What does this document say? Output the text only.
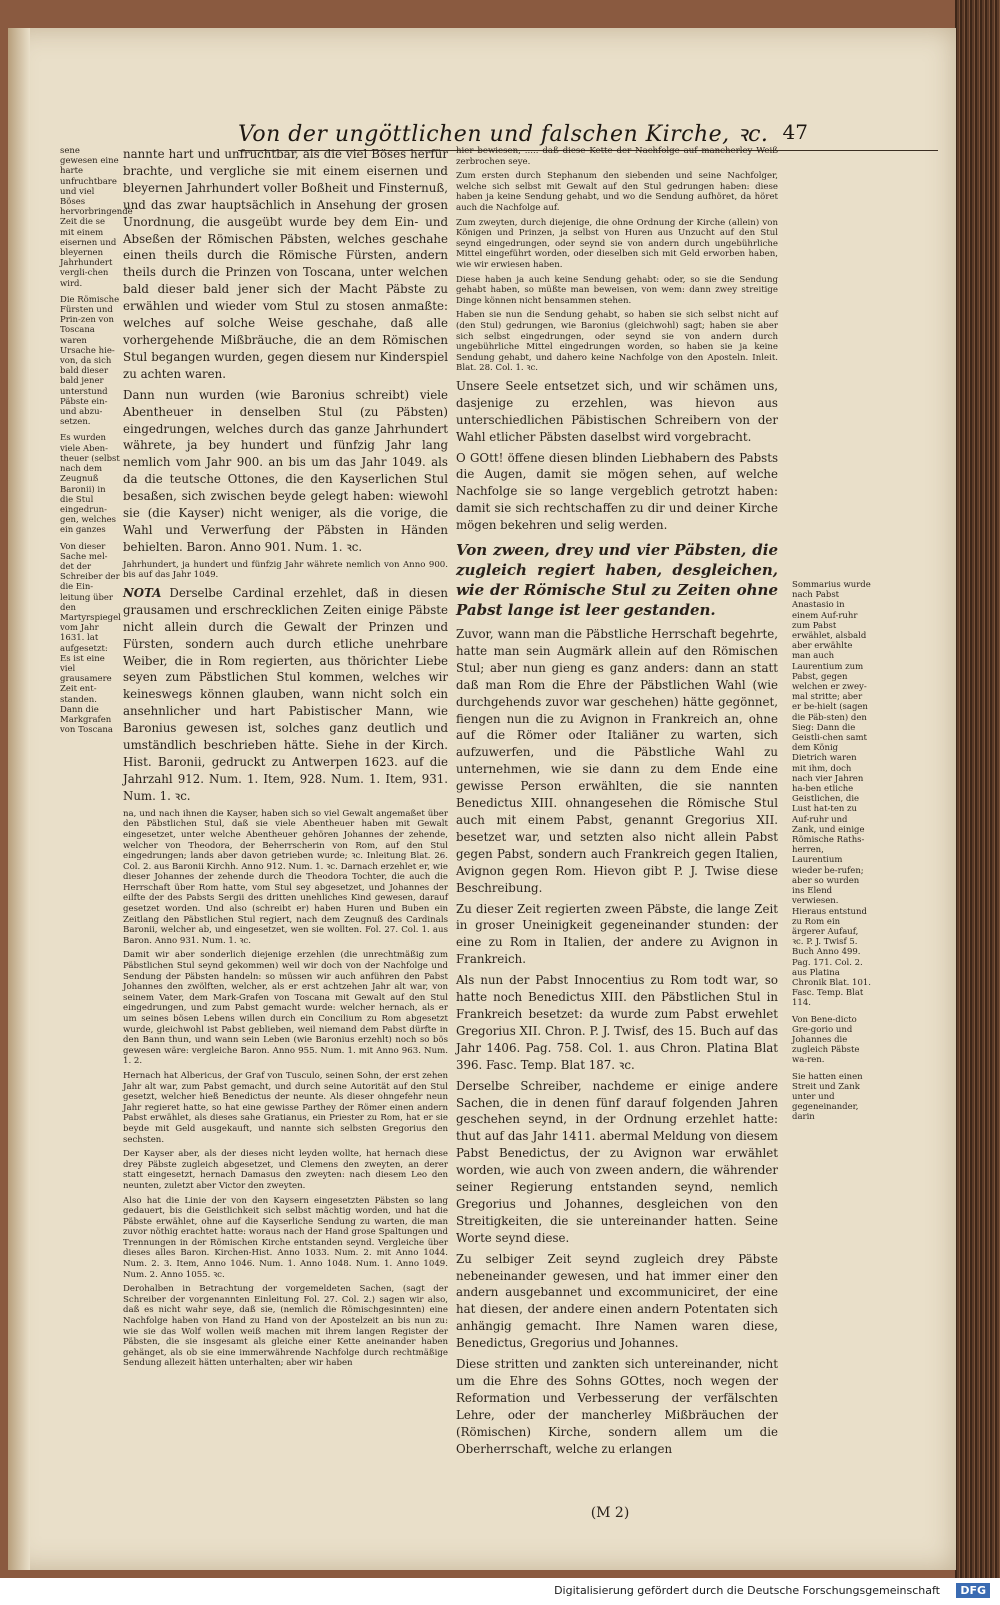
Von der ungöttlichen und falschen Kirche, ꝛc. 47

sene gewesen eine harte unfruchtbare und viel Böses hervorbringende Zeit die se mit einem eisernen und bleyernen Jahrhundert vergli-chen wird.

Die Römische Fürsten und Prin-zen von Toscana waren Ursache hie-von, da sich bald dieser bald jener unterstund Päbste ein-und abzu-setzen.

Es wurden viele Aben-theuer (selbst nach dem Zeugnuß Baronii) in die Stul eingedrun-gen, welches ein ganzes

Von dieser Sache mel-det der Schreiber der die Ein-leitung über den Martyrspiegel vom Jahr 1631. lat aufgesetzt: Es ist eine viel grausamere Zeit ent-standen. Dann die Markgrafen von Toscana

nannte hart und unfruchtbar, als die viel Böses herfür brachte, und vergliche sie mit einem eisernen und bleyernen Jahrhundert voller Boßheit und Finsternuß, und das zwar hauptsächlich in Ansehung der grosen Unordnung, die ausgeübt wurde bey dem Ein- und Abseßen der Römischen Päbsten, welches geschahe einen theils durch die Römische Fürsten, andern theils durch die Prinzen von Toscana, unter welchen bald dieser bald jener sich der Macht Päbste zu erwählen und wieder vom Stul zu stosen anmaßte: welches auf solche Weise geschahe, daß alle vorhergehende Mißbräuche, die an dem Römischen Stul begangen wurden, gegen diesem nur Kinderspiel zu achten waren.

Dann nun wurden (wie Baronius schreibt) viele Abentheuer in denselben Stul (zu Päbsten) eingedrungen, welches durch das ganze Jahrhundert währete, ja bey hundert und fünfzig Jahr lang nemlich vom Jahr 900. an bis um das Jahr 1049. als da die teutsche Ottones, die den Kayserlichen Stul besaßen, sich zwischen beyde gelegt haben: wiewohl sie (die Kayser) nicht weniger, als die vorige, die Wahl und Verwerfung der Päbsten in Händen behielten. Baron. Anno 901. Num. 1. ꝛc.

Jahrhundert, ja hundert und fünfzig Jahr währete nemlich von Anno 900. bis auf das Jahr 1049.

NOTA Derselbe Cardinal erzehlet, daß in diesen grausamen und erschrecklichen Zeiten einige Päbste nicht allein durch die Gewalt der Prinzen und Fürsten, sondern auch durch etliche unehrbare Weiber, die in Rom regierten, aus thörichter Liebe seyen zum Päbstlichen Stul kommen, welches wir keineswegs können glauben, wann nicht solch ein ansehnlicher und hart Pabistischer Mann, wie Baronius gewesen ist, solches ganz deutlich und umständlich beschrieben hätte. Siehe in der Kirch. Hist. Baronii, gedruckt zu Antwerpen 1623. auf die Jahrzahl 912. Num. 1. Item, 928. Num. 1. Item, 931. Num. 1. ꝛc.

na, und nach ihnen die Kayser, haben sich so viel Gewalt angemaßet über den Päbstlichen Stul, daß sie viele Abentheuer haben mit Gewalt eingesetzet, unter welche Abentheuer gehören Johannes der zehende, welcher von Theodora, der Beherrscherin von Rom, auf den Stul eingedrungen; lands aber davon getrieben wurde; ꝛc. Inleitung Blat. 26. Col. 2. aus Baronii Kirchh. Anno 912. Num. 1. ꝛc. Darnach erzehlet er, wie dieser Johannes der zehende durch die Theodora Tochter, die auch die Herrschaft über Rom hatte, vom Stul sey abgesetzet, und Johannes der eilfte der des Pabsts Sergii des dritten unehliches Kind gewesen, darauf gesetzet worden. Und also (schreibt er) haben Huren und Buben ein Zeitlang den Päbstlichen Stul regiert, nach dem Zeugnuß des Cardinals Baronii, welcher ab, und eingesetzet, wen sie wollten. Fol. 27. Col. 1. aus Baron. Anno 931. Num. 1. ꝛc.

Damit wir aber sonderlich diejenige erzehlen (die unrechtmäßig zum Päbstlichen Stul seynd gekommen) weil wir doch von der Nachfolge und Sendung der Päbsten handeln: so müssen wir auch anführen den Pabst Johannes den zwölften, welcher, als er erst achtzehen Jahr alt war, von seinem Vater, dem Mark-Grafen von Toscana mit Gewalt auf den Stul eingedrungen, und zum Pabst gemacht wurde: welcher hernach, als er um seines bösen Lebens willen durch ein Concilium zu Rom abgesetzt wurde, gleichwohl ist Pabst geblieben, weil niemand dem Pabst dürfte in den Bann thun, und wann sein Leben (wie Baronius erzehlt) noch so bös gewesen wäre: vergleiche Baron. Anno 955. Num. 1. mit Anno 963. Num. 1. 2.

Hernach hat Albericus, der Graf von Tusculo, seinen Sohn, der erst zehen Jahr alt war, zum Pabst gemacht, und durch seine Autorität auf den Stul gesetzt, welcher hieß Benedictus der neunte. Als dieser ohngefehr neun Jahr regieret hatte, so hat eine gewisse Parthey der Römer einen andern Pabst erwählet, als dieses sahe Gratianus, ein Priester zu Rom, hat er sie beyde mit Geld ausgekauft, und nannte sich selbsten Gregorius den sechsten.

Der Kayser aber, als der dieses nicht leyden wollte, hat hernach diese drey Päbste zugleich abgesetzet, und Clemens den zweyten, an derer statt eingesetzt, hernach Damasus den zweyten: nach diesem Leo den neunten, zuletzt aber Victor den zweyten.

Also hat die Linie der von den Kaysern eingesetzten Päbsten so lang gedauert, bis die Geistlichkeit sich selbst mächtig worden, und hat die Päbste erwählet, ohne auf die Kayserliche Sendung zu warten, die man zuvor nöthig erachtet hatte: woraus nach der Hand grose Spaltungen und Trennungen in der Römischen Kirche entstanden seynd. Vergleiche über dieses alles Baron. Kirchen-Hist. Anno 1033. Num. 2. mit Anno 1044. Num. 2. 3. Item, Anno 1046. Num. 1. Anno 1048. Num. 1. Anno 1049. Num. 2. Anno 1055. ꝛc.

Derohalben in Betrachtung der vorgemeldeten Sachen, (sagt der Schreiber der vorgenannten Einleitung Fol. 27. Col. 2.) sagen wir also, daß es nicht wahr seye, daß sie, (nemlich die Römischgesinnten) eine Nachfolge haben von Hand zu Hand von der Apostelzeit an bis nun zu: wie sie das Wolf wollen weiß machen mit ihrem langen Register der Päbsten, die sie insgesamt als gleiche einer Kette aneinander haben gehänget, als ob sie eine immerwährende Nachfolge durch rechtmäßige Sendung allezeit hätten unterhalten; aber wir haben

hier bewiesen, ..... daß diese Kette der Nachfolge auf mancherley Weiß zerbrochen seye.

Zum ersten durch Stephanum den siebenden und seine Nachfolger, welche sich selbst mit Gewalt auf den Stul gedrungen haben: diese haben ja keine Sendung gehabt, und wo die Sendung aufhöret, da höret auch die Nachfolge auf.

Zum zweyten, durch diejenige, die ohne Ordnung der Kirche (allein) von Königen und Prinzen, ja selbst von Huren aus Unzucht auf den Stul seynd eingedrungen, oder seynd sie von andern durch ungebührliche Mittel eingeführt worden, oder dieselben sich mit Geld erworben haben, wie wir erwiesen haben.

Diese haben ja auch keine Sendung gehabt: oder, so sie die Sendung gehabt haben, so müßte man beweisen, von wem: dann zwey streitige Dinge können nicht bensammen stehen.

Haben sie nun die Sendung gehabt, so haben sie sich selbst nicht auf (den Stul) gedrungen, wie Baronius (gleichwohl) sagt; haben sie aber sich selbst eingedrungen, oder seynd sie von andern durch ungebührliche Mittel eingedrungen worden, so haben sie ja keine Sendung gehabt, und dahero keine Nachfolge von den Aposteln. Inleit. Blat. 28. Col. 1. ꝛc.

Unsere Seele entsetzet sich, und wir schämen uns, dasjenige zu erzehlen, was hievon aus unterschiedlichen Päbistischen Schreibern von der Wahl etlicher Päbsten daselbst wird vorgebracht.

O GOtt! öffene diesen blinden Liebhabern des Pabsts die Augen, damit sie mögen sehen, auf welche Nachfolge sie so lange vergeblich getrotzt haben: damit sie sich rechtschaffen zu dir und deiner Kirche mögen bekehren und selig werden.

Von zween, drey und vier Päbsten, die zugleich regiert haben, desgleichen, wie der Römische Stul zu Zeiten ohne Pabst lange ist leer gestanden.

Zuvor, wann man die Päbstliche Herrschaft begehrte, hatte man sein Augmärk allein auf den Römischen Stul; aber nun gieng es ganz anders: dann an statt daß man Rom die Ehre der Päbstlichen Wahl (wie durchgehends zuvor war geschehen) hätte gegönnet, fiengen nun die zu Avignon in Frankreich an, ohne auf die Römer oder Italiäner zu warten, sich aufzuwerfen, und die Päbstliche Wahl zu unternehmen, wie sie dann zu dem Ende eine gewisse Person erwählten, die sie nannten Benedictus XIII. ohnangesehen die Römische Stul auch mit einem Pabst, genannt Gregorius XII. besetzet war, und setzten also nicht allein Pabst gegen Pabst, sondern auch Frankreich gegen Italien, Avignon gegen Rom. Hievon gibt P. J. Twise diese Beschreibung.

Zu dieser Zeit regierten zween Päbste, die lange Zeit in groser Uneinigkeit gegeneinander stunden: der eine zu Rom in Italien, der andere zu Avignon in Frankreich.

Als nun der Pabst Innocentius zu Rom todt war, so hatte noch Benedictus XIII. den Päbstlichen Stul in Frankreich besetzet: da wurde zum Pabst erwehlet Gregorius XII. Chron. P. J. Twisf, des 15. Buch auf das Jahr 1406. Pag. 758. Col. 1. aus Chron. Platina Blat 396. Fasc. Temp. Blat 187. ꝛc.

Derselbe Schreiber, nachdeme er einige andere Sachen, die in denen fünf darauf folgenden Jahren geschehen seynd, in der Ordnung erzehlet hatte: thut auf das Jahr 1411. abermal Meldung von diesem Pabst Benedictus, der zu Avignon war erwählet worden, wie auch von zween andern, die währender seiner Regierung entstanden seynd, nemlich Gregorius und Johannes, desgleichen von den Streitigkeiten, die sie untereinander hatten. Seine Worte seynd diese.

Zu selbiger Zeit seynd zugleich drey Päbste nebeneinander gewesen, und hat immer einer den andern ausgebannet und excommuniciret, der eine hat diesen, der andere einen andern Potentaten sich anhängig gemacht. Ihre Namen waren diese, Benedictus, Gregorius und Johannes.

Diese stritten und zankten sich untereinander, nicht um die Ehre des Sohns GOttes, noch wegen der Reformation und Verbesserung der verfälschten Lehre, oder der mancherley Mißbräuchen der (Römischen) Kirche, sondern allem um die Oberherrschaft, welche zu erlangen

Sommarius wurde nach Pabst Anastasio in einem Auf-ruhr zum Pabst erwählet, alsbald aber erwählte man auch Laurentium zum Pabst, gegen welchen er zwey-mal stritte; aber er be-hielt (sagen die Päb-sten) den Sieg: Dann die Geistli-chen samt dem König Dietrich waren mit ihm, doch nach vier Jahren ha-ben etliche Geistlichen, die Lust hat-ten zu Auf-ruhr und Zank, und einige Römische Raths-herren, Laurentium wieder be-rufen; aber so wurden ins Elend verwiesen. Hieraus entstund zu Rom ein ärgerer Aufauf, ꝛc. P. J. Twisf 5. Buch Anno 499. Pag. 171. Col. 2. aus Platina Chronik Blat. 101. Fasc. Temp. Blat 114.

Von Bene-dicto Gre-gorio und Johannes die zugleich Päbste wa-ren.

Sie hatten einen Streit und Zank unter und gegeneinander, darin

(M 2)
Digitalisierung gefördert durch die Deutsche Forschungsgemeinschaft	DFG
